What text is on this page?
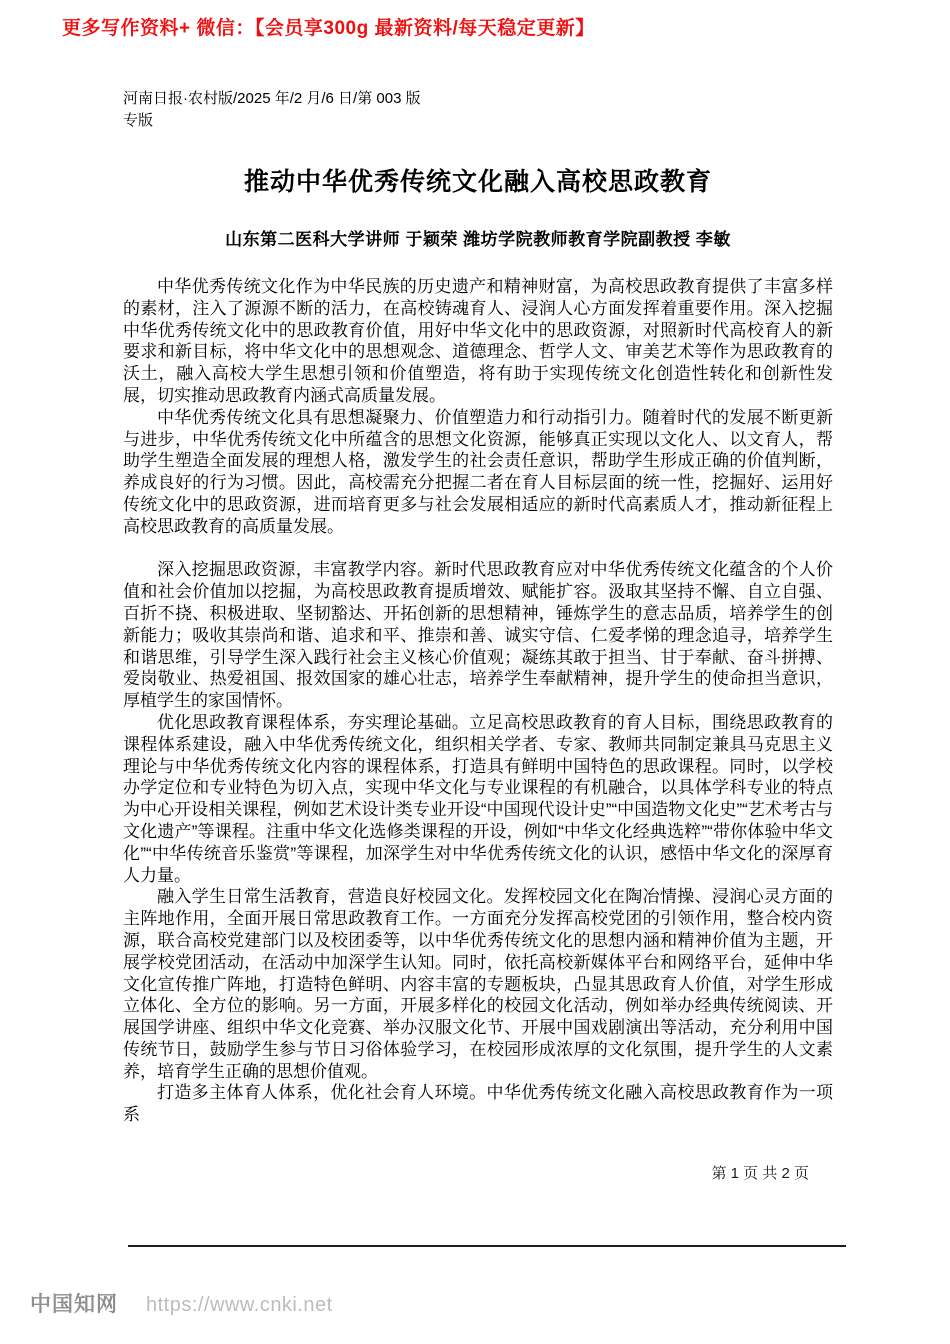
更多写作资料+ 微信：【会员享300g 最新资料/每天稳定更新】
河南日报·农村版/2025 年/2 月/6 日/第 003 版
专版
推动中华优秀传统文化融入高校思政教育
山东第二医科大学讲师 于颖荣 潍坊学院教师教育学院副教授 李敏

中华优秀传统文化作为中华民族的历史遗产和精神财富，为高校思政教育提供了丰富多样的素材，注入了源源不断的活力，在高校铸魂育人、浸润人心方面发挥着重要作用。深入挖掘中华优秀传统文化中的思政教育价值，用好中华文化中的思政资源，对照新时代高校育人的新要求和新目标，将中华文化中的思想观念、道德理念、哲学人文、审美艺术等作为思政教育的沃土，融入高校大学生思想引领和价值塑造，将有助于实现传统文化创造性转化和创新性发展，切实推动思政教育内涵式高质量发展。

中华优秀传统文化具有思想凝聚力、价值塑造力和行动指引力。随着时代的发展不断更新与进步，中华优秀传统文化中所蕴含的思想文化资源，能够真正实现以文化人、以文育人，帮助学生塑造全面发展的理想人格，激发学生的社会责任意识，帮助学生形成正确的价值判断，养成良好的行为习惯。因此，高校需充分把握二者在育人目标层面的统一性，挖掘好、运用好传统文化中的思政资源，进而培育更多与社会发展相适应的新时代高素质人才，推动新征程上高校思政教育的高质量发展。

深入挖掘思政资源，丰富教学内容。新时代思政教育应对中华优秀传统文化蕴含的个人价值和社会价值加以挖掘，为高校思政教育提质增效、赋能扩容。汲取其坚持不懈、自立自强、百折不挠、积极进取、坚韧豁达、开拓创新的思想精神，锤炼学生的意志品质，培养学生的创新能力；吸收其崇尚和谐、追求和平、推崇和善、诚实守信、仁爱孝悌的理念追寻，培养学生和谐思维，引导学生深入践行社会主义核心价值观；凝练其敢于担当、甘于奉献、奋斗拼搏、爱岗敬业、热爱祖国、报效国家的雄心壮志，培养学生奉献精神，提升学生的使命担当意识，厚植学生的家国情怀。

优化思政教育课程体系，夯实理论基础。立足高校思政教育的育人目标，围绕思政教育的课程体系建设，融入中华优秀传统文化，组织相关学者、专家、教师共同制定兼具马克思主义理论与中华优秀传统文化内容的课程体系，打造具有鲜明中国特色的思政课程。同时，以学校办学定位和专业特色为切入点，实现中华文化与专业课程的有机融合，以具体学科专业的特点为中心开设相关课程，例如艺术设计类专业开设“中国现代设计史”“中国造物文化史”“艺术考古与文化遗产”等课程。注重中华文化选修类课程的开设，例如“中华文化经典选粹”“带你体验中华文化”“中华传统音乐鉴赏”等课程，加深学生对中华优秀传统文化的认识，感悟中华文化的深厚育人力量。

融入学生日常生活教育，营造良好校园文化。发挥校园文化在陶冶情操、浸润心灵方面的主阵地作用，全面开展日常思政教育工作。一方面充分发挥高校党团的引领作用，整合校内资源，联合高校党建部门以及校团委等，以中华优秀传统文化的思想内涵和精神价值为主题，开展学校党团活动，在活动中加深学生认知。同时，依托高校新媒体平台和网络平台，延伸中华文化宣传推广阵地，打造特色鲜明、内容丰富的专题板块，凸显其思政育人价值，对学生形成立体化、全方位的影响。另一方面，开展多样化的校园文化活动，例如举办经典传统阅读、开展国学讲座、组织中华文化竞赛、举办汉服文化节、开展中国戏剧演出等活动，充分利用中国传统节日，鼓励学生参与节日习俗体验学习，在校园形成浓厚的文化氛围，提升学生的人文素养，培育学生正确的思想价值观。

打造多主体育人体系，优化社会育人环境。中华优秀传统文化融入高校思政教育作为一项系

第 1 页 共 2 页
中国知网 https://www.cnki.net
